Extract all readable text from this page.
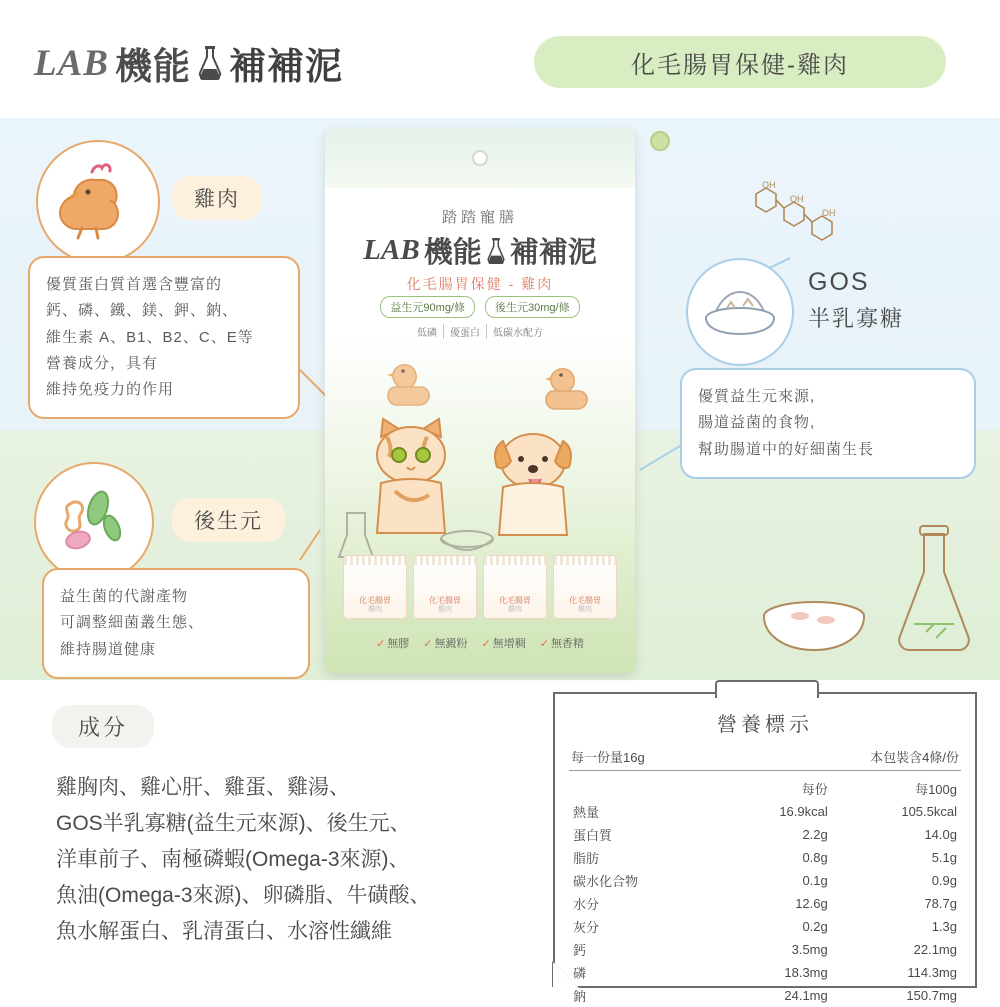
LAB 機能 補補泥	化毛腸胃保健-雞肉
雞肉
優質蛋白質首選含豐富的
鈣、磷、鐵、鎂、鉀、鈉、
維生素 A、B1、B2、C、E等
營養成分，具有
維持免疫力的作用
後生元
益生菌的代謝產物
可調整細菌叢生態、
維持腸道健康
OH
OH
OH
GOS
半乳寡糖
優質益生元來源,
腸道益菌的食物,
幫助腸道中的好細菌生長
踏踏寵膳
LAB 機能 補補泥
化毛腸胃保健 - 雞肉
益生元90mg/條	後生元30mg/條
低磷	優蛋白	低碳水配方
化毛腸胃
雞肉
化毛腸胃
雞肉
化毛腸胃
雞肉
化毛腸胃
雞肉
✓ 無膠 ✓ 無澱粉 ✓ 無增稠 ✓ 無香精
成分
雞胸肉、雞心肝、雞蛋、雞湯、
GOS半乳寡糖(益生元來源)、後生元、
洋車前子、南極磷蝦(Omega-3來源)、
魚油(Omega-3來源)、卵磷脂、牛磺酸、
魚水解蛋白、乳清蛋白、水溶性纖維
營養標示
每一份量16g	本包裝含4條/份
	每份	每100g
熱量	16.9kcal	105.5kcal
蛋白質	2.2g	14.0g
脂肪	0.8g	5.1g
碳水化合物	0.1g	0.9g
水分	12.6g	78.7g
灰分	0.2g	1.3g
鈣	3.5mg	22.1mg
磷	18.3mg	114.3mg
鈉	24.1mg	150.7mg
